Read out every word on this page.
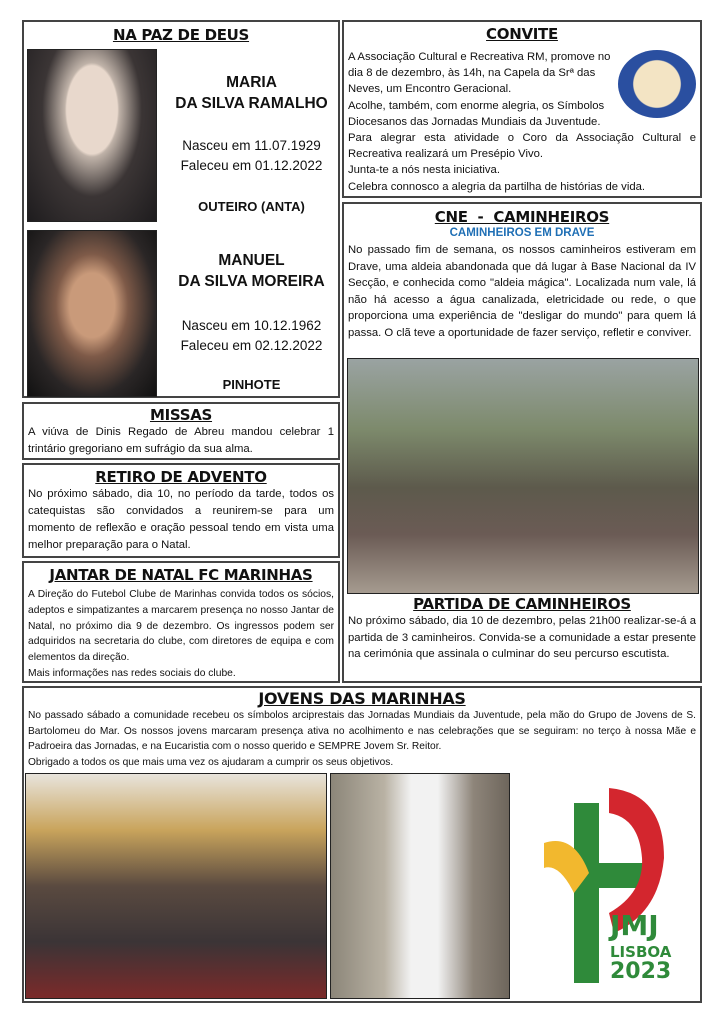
NA PAZ DE DEUS
MARIA
DA SILVA RAMALHO
Nasceu em 11.07.1929
Faleceu em 01.12.2022
OUTEIRO (ANTA)
MANUEL
DA SILVA MOREIRA
Nasceu em 10.12.1962
Faleceu em 02.12.2022
PINHOTE
CONVITE
A Associação Cultural e Recreativa RM, promove no dia 8 de dezembro, às 14h, na Capela da Srª das Neves, um Encontro Geracional.
Acolhe, também, com enorme alegria, os Símbolos Diocesanos das Jornadas Mundiais da Juventude.
Para alegrar esta atividade o Coro da Associação Cultural e Recreativa realizará um Presépio Vivo.
Junta-te a nós nesta iniciativa.
Celebra connosco a alegria da partilha de histórias de vida.
CNE  -  CAMINHEIROS
CAMINHEIROS EM DRAVE
No passado fim de semana, os nossos caminheiros estiveram em Drave, uma aldeia abandonada que dá lugar à Base Nacional da IV Secção, e conhecida como "aldeia mágica". Localizada num vale, lá não há acesso a água canalizada, eletricidade ou rede, o que proporciona uma experiência de "desligar do mundo" para quem lá passa. O clã teve a oportunidade de fazer serviço, refletir e conviver.
PARTIDA DE CAMINHEIROS
No próximo sábado, dia 10 de dezembro, pelas 21h00 realizar-se-á a partida de 3 caminheiros. Convida-se a comunidade a estar presente na cerimónia que assinala o culminar do seu percurso escutista.
MISSAS
A viúva de Dinis Regado de Abreu mandou celebrar 1 trintário gregoriano em sufrágio da sua alma.
RETIRO DE ADVENTO
No próximo sábado, dia 10, no período da tarde, todos os catequistas são convidados a reunirem-se para um momento de reflexão e oração pessoal tendo em vista uma melhor preparação para o Natal.
JANTAR DE NATAL FC MARINHAS
A Direção do Futebol Clube de Marinhas convida todos os sócios, adeptos e simpatizantes a marcarem presença no nosso Jantar de Natal, no próximo dia 9 de dezembro. Os ingressos podem ser adquiridos na secretaria do clube, com diretores de equipa e com elementos da direção.
Mais informações nas redes sociais do clube.
JOVENS DAS MARINHAS
No passado sábado a comunidade recebeu os símbolos arciprestais das Jornadas Mundiais da Juventude, pela mão do Grupo de Jovens de S. Bartolomeu do Mar. Os nossos jovens marcaram presença ativa no acolhimento e nas celebrações que se seguiram: no terço à nossa Mãe e Padroeira das Jornadas, e na Eucaristia com o nosso querido e SEMPRE Jovem Sr. Reitor.
Obrigado a todos os que mais uma vez os ajudaram a cumprir os seus objetivos.
JMJ
LISBOA
2023
